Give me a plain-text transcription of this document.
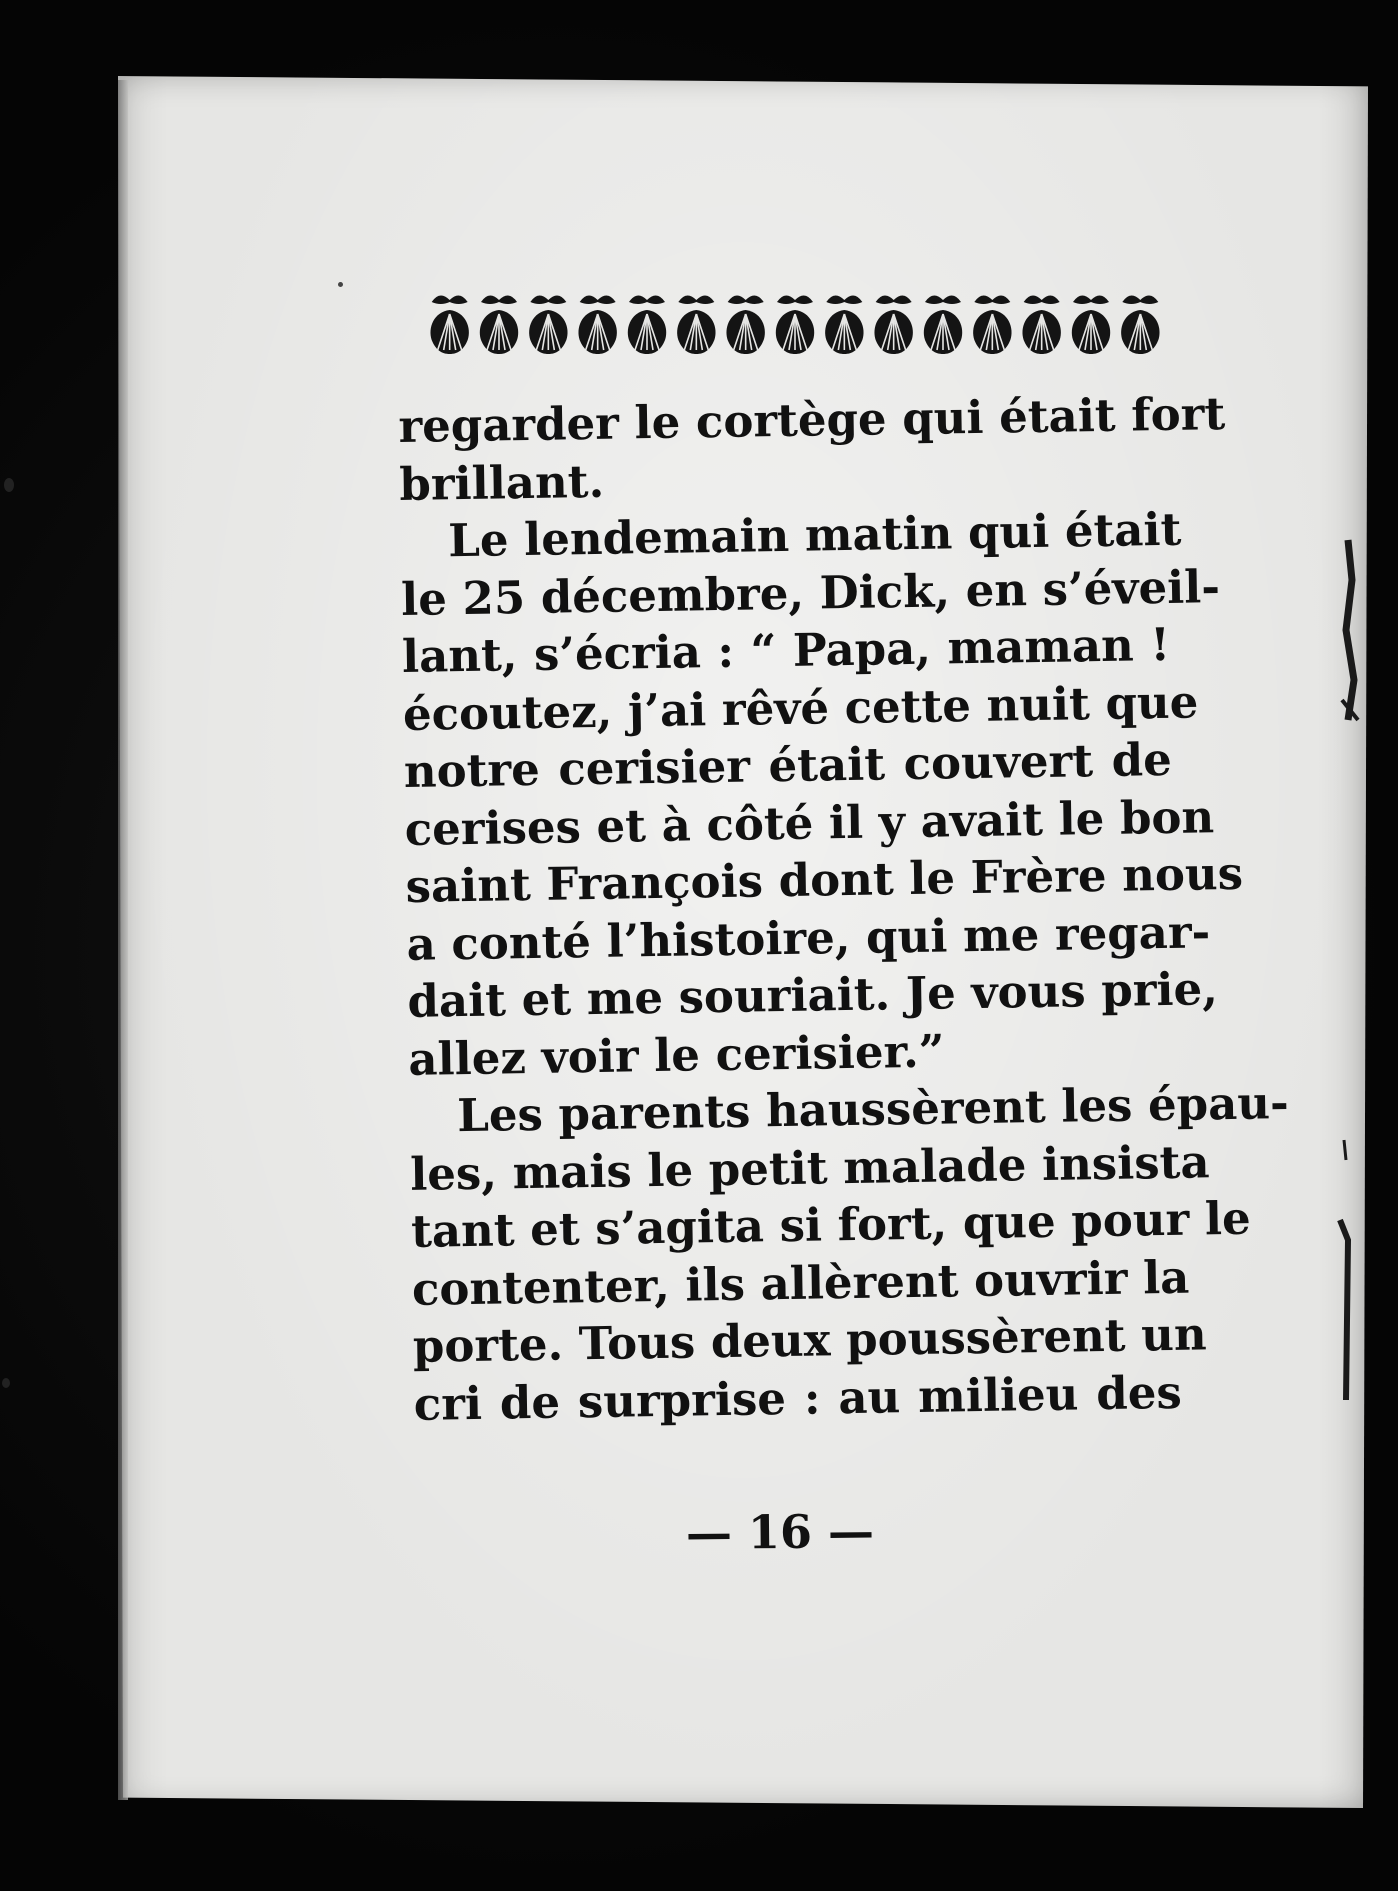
regarder le cortège qui était fort
brillant.
Le lendemain matin qui était
le 25 décembre, Dick, en s’éveil-
lant, s’écria : “ Papa, maman !
écoutez, j’ai rêvé cette nuit que
notre cerisier était couvert de
cerises et à côté il y avait le bon
saint François dont le Frère nous
a conté l’histoire, qui me regar-
dait et me souriait. Je vous prie,
allez voir le cerisier.”
Les parents haussèrent les épau-
les, mais le petit malade insista
tant et s’agita si fort, que pour le
contenter, ils allèrent ouvrir la
porte. Tous deux poussèrent un
cri de surprise : au milieu des
— 16 —
